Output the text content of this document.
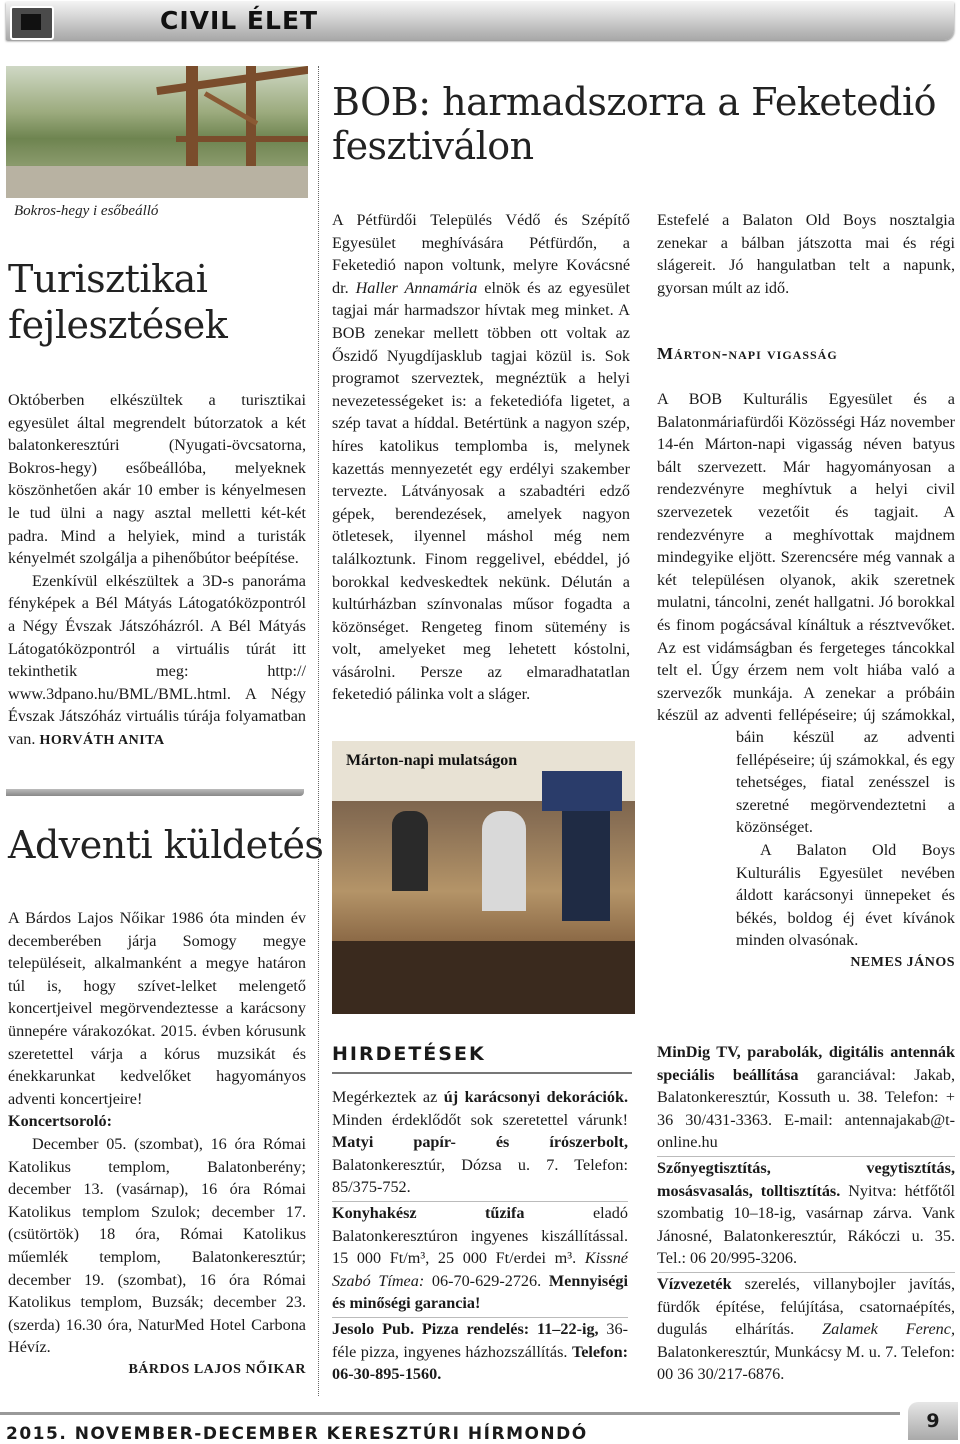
CIVIL ÉLET
Bokros-hegy i esőbeálló
Turisztikai
fejlesztések

Októberben elkészültek a turisztikai egyesület által megrendelt bútorzatok a két balatonkeresztúri (Nyugati-övcsatorna, Bokros-hegy) esőbeállóba, melyeknek köszönhetően akár 10 ember is kényelmesen le tud ülni a nagy asztal melletti két-két padra. Mind a helyiek, mind a turisták kényelmét szolgálja a pihenőbútor beépítése.

Ezenkívül elkészültek a 3D-s panoráma fényképek a Bél Mátyás Látogatóközpontról a Négy Évszak Játszóházról. A Bél Mátyás Látogatóközpontról a virtuális túrát itt tekinthetik meg: http:// www.3dpano.hu/BML/BML.html. A Négy Évszak Játszóház virtuális túrája folyamatban van. HORVÁTH ANITA

Adventi küldetés

A Bárdos Lajos Nőikar 1986 óta minden év decemberében járja Somogy megye településeit, alkalmanként a megye határon túl is, hogy szívet-lelket melengető koncertjeivel megörvendeztesse a karácsony ünnepére várakozókat. 2015. évben kórusunk szeretettel várja a kórus muzsikát és énekkarunkat kedvelőket hagyományos adventi koncertjeire!

Koncertsoroló:

December 05. (szombat), 16 óra Római Katolikus templom, Balatonberény; december 13. (vasárnap), 16 óra Római Katolikus templom Szulok; december 17. (csütörtök) 18 óra, Római Katolikus műemlék templom, Balatonkeresztúr; december 19. (szombat), 16 óra Római Katolikus templom, Buzsák; december 23. (szerda) 16.30 óra, NaturMed Hotel Carbona Hévíz.

BÁRDOS LAJOS NŐIKAR

BOB: harmadszorra a Feketedió
fesztiválon

A Pétfürdői Település Védő és Szépítő Egyesület meghívására Pétfürdőn, a Feketedió napon voltunk, melyre Kovácsné dr. Haller Annamária elnök és az egyesület tagjai már harmadszor hívtak meg minket. A BOB zenekar mellett többen ott voltak az Őszidő Nyugdíjasklub tagjai közül is. Sok programot szerveztek, megnéztük a helyi nevezetességeket is: a feketediófa ligetet, a szép tavat a híddal. Betértünk a nagyon szép, híres katolikus templomba is, melynek kazettás mennyezetét egy erdélyi szakember tervezte. Látványosak a szabadtéri edző gépek, berendezések, amelyek nagyon ötletesek, ilyennel máshol még nem találkoztunk. Finom reggelivel, ebéddel, jó borokkal kedveskedtek nekünk. Délután a kultúrházban színvonalas műsor fogadta a közönséget. Rengeteg finom sütemény is volt, amelyeket meg lehetett kóstolni, vásárolni. Persze az elmaradhatatlan feketedió pálinka volt a sláger.

Estefelé a Balaton Old Boys nosztalgia zenekar a bálban játszotta mai és régi slágereit. Jó hangulatban telt a napunk, gyorsan múlt az idő.

Márton-napi vigasság

A BOB Kulturális Egyesület és a Balatonmáriafürdői Közösségi Ház november 14-én Márton-napi vigasság néven batyus bált szervezett. Már hagyományosan a rendezvényre meghívtuk a helyi civil szervezetek vezetőit és tagjait. A rendezvényre a meghívottak majdnem mindegyike eljött. Szerencsére még vannak a két településen olyanok, akik szeretnek mulatni, táncolni, zenét hallgatni. Jó borokkal és finom pogácsával kínáltuk a résztvevőket. Az est vidámságban és fergeteges táncokkal telt el. Úgy érzem nem volt hiába való a szervezők munkája. A zenekar a próbáin készül az adventi fellépéseire; új számokkal,

báin készül az adventi fellépéseire; új számokkal, és egy tehetséges, fiatal zenésszel is szeretné megörvendeztetni a közönséget.

A Balaton Old Boys Kulturális Egyesület nevében áldott karácsonyi ünnepeket és békés, boldog éj évet kívánok minden olvasónak.

NEMES JÁNOS

Márton-napi mulatságon
HIRDETÉSEK

Megérkeztek az új karácsonyi dekorációk. Minden érdeklődőt sok szeretettel várunk! Matyi papír- és írószerbolt, Balatonkeresztúr, Dózsa u. 7. Telefon: 85/375-752.

Konyhakész tűzifa eladó Balatonkeresztúron ingyenes kiszállítással. 15 000 Ft/m³, 25 000 Ft/erdei m³. Kissné Szabó Tímea: 06-70-629-2726. Mennyiségi és minőségi garancia!

Jesolo Pub. Pizza rendelés: 11–22-ig, 36-féle pizza, ingyenes házhozszállítás. Telefon: 06-30-895-1560.

MinDig TV, parabolák, digitális antennák speciális beállítása garanciával: Jakab, Balatonkeresztúr, Kossuth u. 38. Telefon: + 36 30/431-3363. E-mail: antennajakab@t-online.hu

Szőnyegtisztítás, vegytisztítás, mosásvasalás, tolltisztítás. Nyitva: hétfőtől szombatig 10–18-ig, vasárnap zárva. Vank Jánosné, Balatonkeresztúr, Rákóczi u. 35. Tel.: 06 20/995-3206.

Vízvezeték szerelés, villanybojler javítás, fürdők építése, felújítása, csatornaépítés, dugulás elhárítás. Zalamek Ferenc, Balatonkeresztúr, Munkácsy M. u. 7. Telefon: 00 36 30/217-6876.

2015. NOVEMBER-DECEMBER KERESZTÚRI HÍRMONDÓ
9
